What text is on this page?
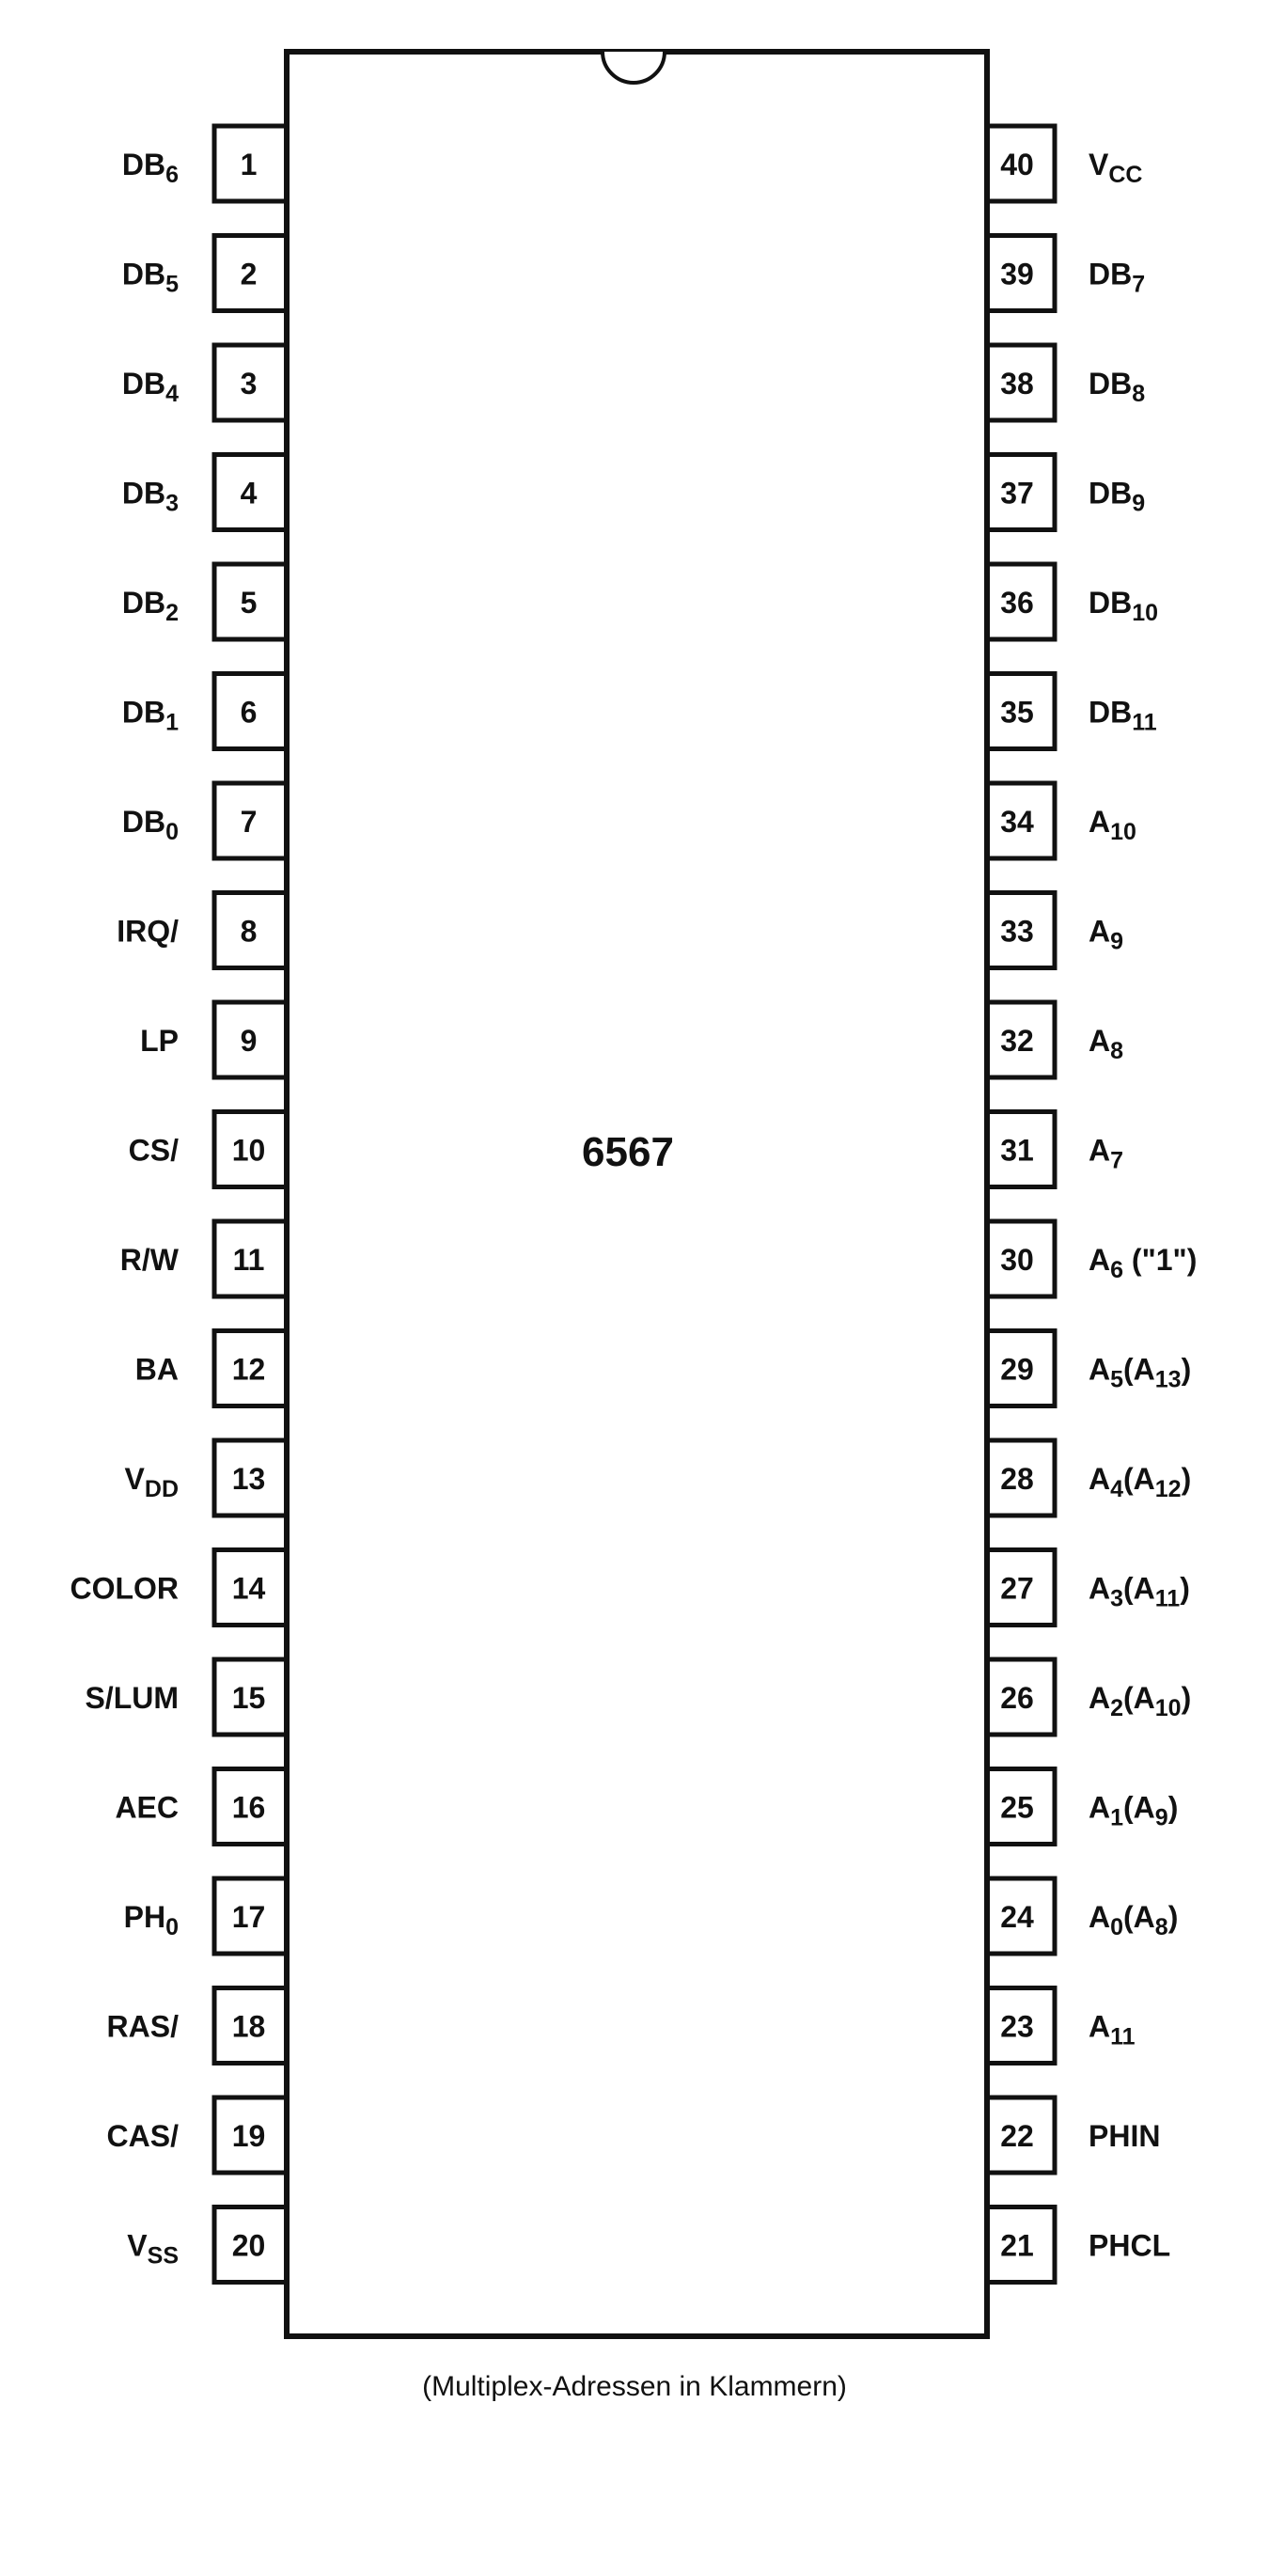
1
2
3
4
5
6
7
8
9
10
11
12
13
14
15
16
17
18
19
20
40
39
38
37
36
35
34
33
32
31
30
29
28
27
26
25
24
23
22
21
6567
(Multiplex-Adressen in Klammern)
$DB_6$
$DB_5$
$DB_4$
$DB_3$
$DB_2$
$DB_1$
$DB_0$
IRQ/
LP
CS/
R/W
BA
$V_{DD}$
COLOR
S/LUM
AEC
$PH_0$
RAS/
CAS/
$V_{SS}$
$V_{CC}$
$DB_7$
$DB_8$
$DB_9$
$DB_{10}$
$DB_{11}$
$A_{10}$
$A_9$
$A_8$
$A_7$
$A_6$ ("1")
$A_5(A_{13})$
$A_4(A_{12})$
$A_3(A_{11})$
$A_2(A_{10})$
$A_1(A_9)$
$A_0(A_8)$
$A_{11}$
PHIN
PHCL
